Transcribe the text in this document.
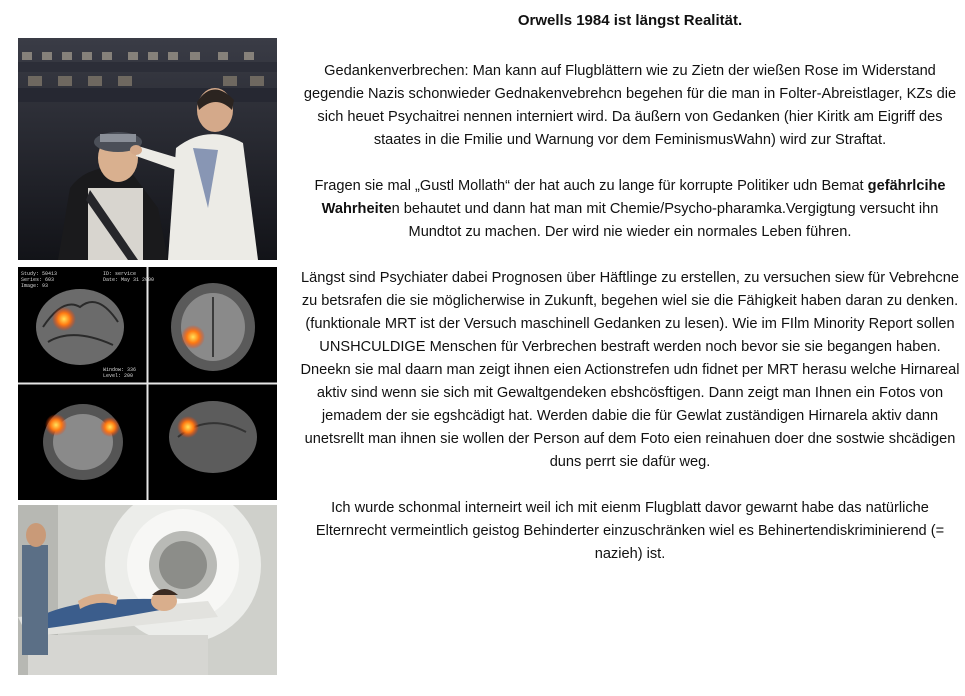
Orwells 1984 ist längst Realität.

Gedankenverbrechen: Man kann auf Flugblättern wie zu Zietn der wießen Rose im Widerstand gegendie Nazis schonwieder Gednakenvebrehcn begehen für die man in Folter-Abreistlager, KZs die sich heuet Psychaitrei nennen interniert wird. Da äußern von Gedanken (hier Kiritk am Eigriff des staates in die Fmilie und Warnung vor dem FeminismusWahn) wird zur Straftat.

Fragen sie mal „Gustl Mollath“ der hat auch zu lange für korrupte Politiker udn Bemat gefährlcihe Wahrheiten behautet und dann hat man mit Chemie/Psycho-pharamka.Vergigtung versucht ihn Mundtot zu machen. Der wird nie wieder ein normales Leben führen.

Längst sind Psychiater dabei Prognosen über Häftlinge zu erstellen, zu versuchen siew für Vebrehcne zu betsrafen die sie möglicherwise in Zukunft, begehen wiel sie die Fähigkeit haben daran zu denken. (funktionale MRT ist der Versuch maschinell Gedanken zu lesen). Wie im FIlm Minority Report sollen UNSHCULDIGE Menschen für Verbrechen bestraft werden noch bevor sie sie begangen haben. Dneekn sie mal daarn man zeigt ihnen eien Actionstrefen udn fidnet per MRT herasu welche Hirnareal aktiv sind wenn sie sich mit Gewaltgendeken ebshcösftigen. Dann zeigt man Ihnen ein Fotos von jemadem der sie egshcädigt hat. Werden dabie die für Gewlat zuständigen Hirnarela aktiv dann unetsrellt man ihnen sie wollen der Person auf dem Foto eien reinahuen doer dne sostwie shcädigen duns perrt sie dafür weg.

Ich wurde schonmal interneirt weil ich mit eienm Flugblatt davor gewarnt habe das natürliche Elternrecht vermeintlich geistog Behinderter einzuschränken wiel es Behinertendiskriminierend (= nazieh) ist.

Study: 50413
Series: 603
Image: 93
ID: service
Date: May 31 2000
Window: 336
Level: 200
